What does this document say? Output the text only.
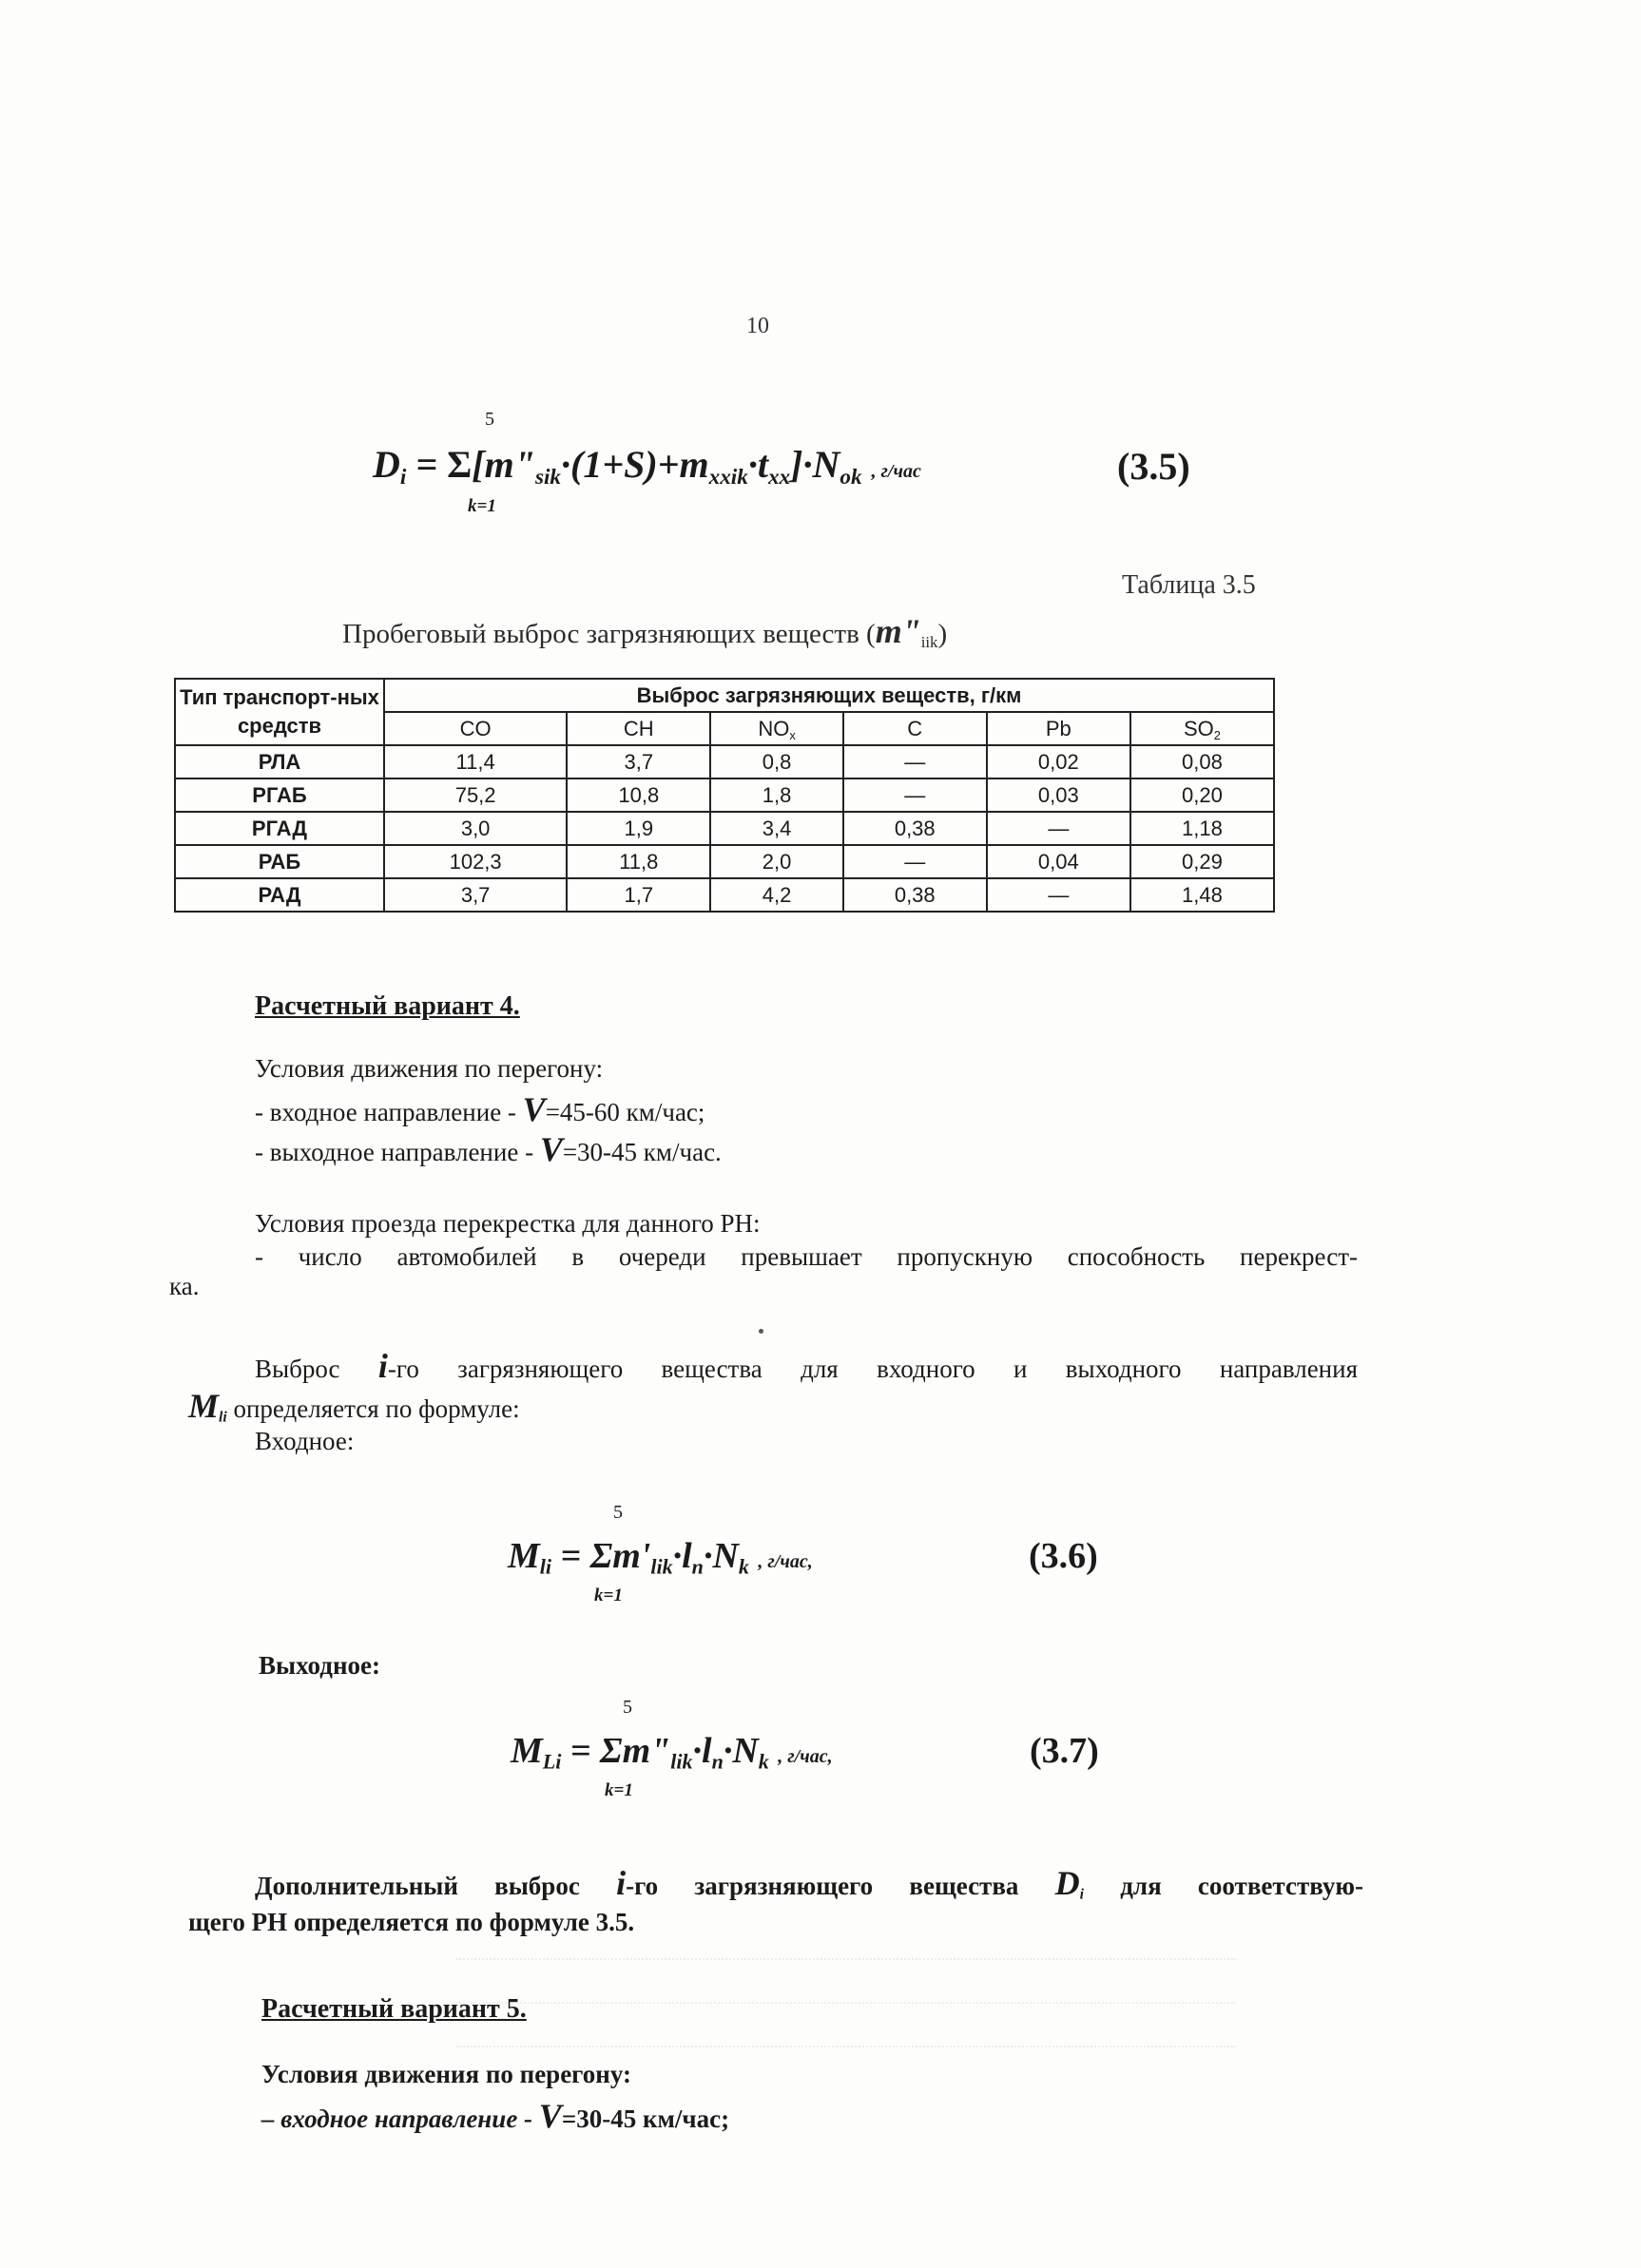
10
5
$D_i$ = $\Sigma[m"_{sik}\cdot(1+S)+m_{xxik}\cdot t_{xx}]\cdot N_{ok}$ , г/час
k=1
(3.5)
Таблица 3.5
Пробеговый выброс загрязняющих веществ $(m"_{iik})$
Тип транспорт-ных средств	Выброс загрязняющих веществ, г/км					
	CO	CH	$NO_x$	C	Pb	$SO_2$
РЛА	11,4	3,7	0,8	—	0,02	0,08
РГАБ	75,2	10,8	1,8	—	0,03	0,20
РГАД	3,0	1,9	3,4	0,38	—	1,18
РАБ	102,3	11,8	2,0	—	0,04	0,29
РАД	3,7	1,7	4,2	0,38	—	1,48
Расчетный вариант 4.
Условия движения по перегону:
- входное направление - V=45-60 км/час;
- выходное направление - V=30-45 км/час.
Условия проезда перекрестка для данного РН:
- число автомобилей в очереди превышает пропускную способность перекрест-
ка.
Выброс i-го загрязняющего вещества для входного и выходного направления
$M_{li}$ определяется по формуле:
Входное:
5
$M_{li} = \Sigma m'_{lik}\cdot l_n\cdot N_k$ , г/час,
k=1
(3.6)
Выходное:
5
$M_{Li}$ = $\Sigma m"_{lik}\cdot l_n\cdot N_k$ , г/час,
k=1
(3.7)
Дополнительный выброс i-го загрязняющего вещества $D_i$ для соответствую-
щего РН определяется по формуле 3.5.
Расчетный вариант 5.
Условия движения по перегону:
– входное направление - V=30-45 км/час;
